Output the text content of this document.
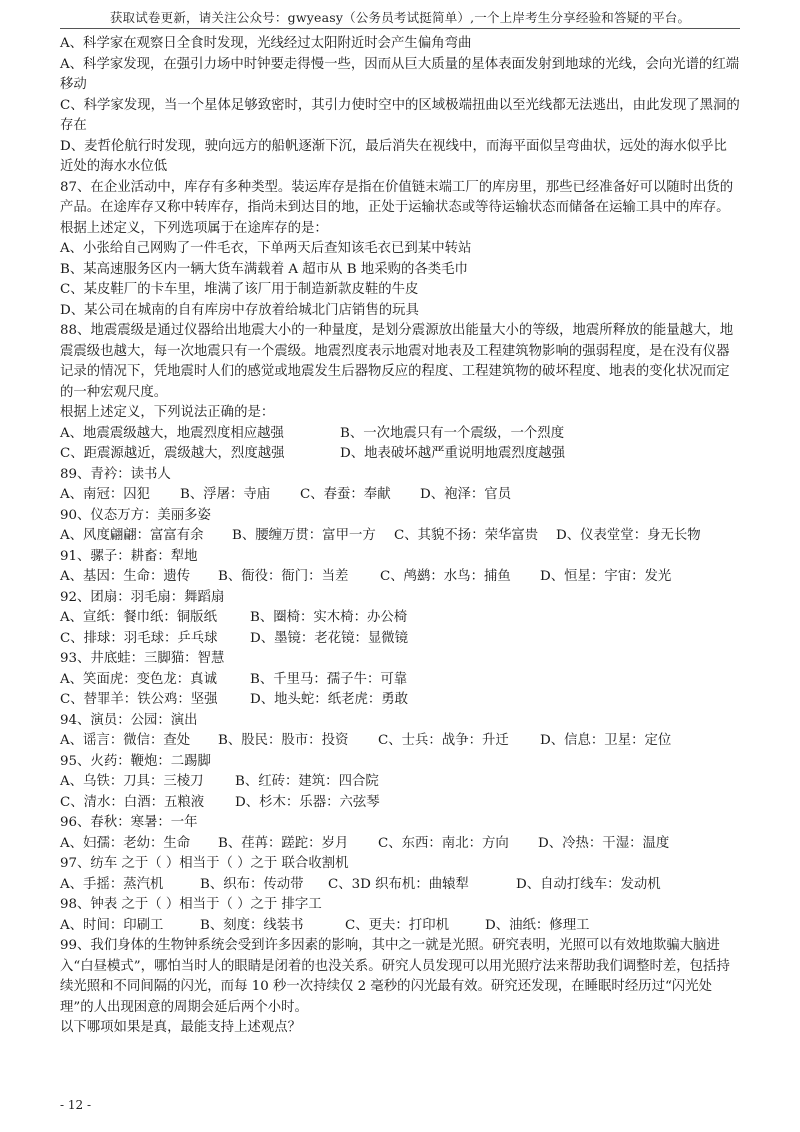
获取试卷更新，请关注公众号：gwyeasy（公务员考试挺简单）,一个上岸考生分享经验和答疑的平台。
A、科学家在观察日全食时发现，光线经过太阳附近时会产生偏角弯曲
A、科学家发现，在强引力场中时钟要走得慢一些，因而从巨大质量的星体表面发射到地球的光线，会向光谱的红端移动
C、科学家发现，当一个星体足够致密时，其引力使时空中的区域极端扭曲以至光线都无法逃出，由此发现了黑洞的存在
D、麦哲伦航行时发现，驶向远方的船帆逐渐下沉，最后消失在视线中，而海平面似呈弯曲状，远处的海水似乎比近处的海水水位低
87、在企业活动中，库存有多种类型。装运库存是指在价值链末端工厂的库房里，那些已经准备好可以随时出货的产品。在途库存又称中转库存，指尚未到达目的地，正处于运输状态或等待运输状态而储备在运输工具中的库存。
根据上述定义，下列选项属于在途库存的是：
A、小张给自己网购了一件毛衣，下单两天后查知该毛衣已到某中转站
B、某高速服务区内一辆大货车满载着 A 超市从 B 地采购的各类毛巾
C、某皮鞋厂的卡车里，堆满了该厂用于制造新款皮鞋的牛皮
D、某公司在城南的自有库房中存放着给城北门店销售的玩具
88、地震震级是通过仪器给出地震大小的一种量度，是划分震源放出能量大小的等级，地震所释放的能量越大，地震震级也越大，每一次地震只有一个震级。地震烈度表示地震对地表及工程建筑物影响的强弱程度，是在没有仪器记录的情况下，凭地震时人们的感觉或地震发生后器物反应的程度、工程建筑物的破坏程度、地表的变化状况而定的一种宏观尺度。
根据上述定义，下列说法正确的是：
A、地震震级越大，地震烈度相应越强	B、一次地震只有一个震级，一个烈度
C、距震源越近，震级越大，烈度越强	D、地表破坏越严重说明地震烈度越强
89、青衿：读书人
A、南冠：囚犯	B、浮屠：寺庙	C、春蚕：奉献	D、袍泽：官员
90、仪态万方：美丽多姿
A、风度翩翩：富富有余	B、腰缠万贯：富甲一方	C、其貌不扬：荣华富贵	D、仪表堂堂：身无长物
91、骡子：耕畜：犁地
A、基因：生命：遗传	B、衙役：衙门：当差	C、鸬鹚：水鸟：捕鱼	D、恒星：宇宙：发光
92、团扇：羽毛扇：舞蹈扇
A、宣纸：餐巾纸：铜版纸	B、圈椅：实木椅：办公椅
C、排球：羽毛球：乒乓球	D、墨镜：老花镜：显微镜
93、井底蛙：三脚猫：智慧
A、笑面虎：变色龙：真诚	B、千里马：孺子牛：可靠
C、替罪羊：铁公鸡：坚强	D、地头蛇：纸老虎：勇敢
94、演员：公园：演出
A、谣言：微信：查处	B、股民：股市：投资	C、士兵：战争：升迁	D、信息：卫星：定位
95、火药：鞭炮：二踢脚
A、乌铁：刀具：三棱刀	B、红砖：建筑：四合院
C、清水：白酒：五粮液	D、杉木：乐器：六弦琴
96、春秋：寒暑：一年
A、妇孺：老幼：生命	B、荏苒：蹉跎：岁月	C、东西：南北：方向	D、冷热：干湿：温度
97、纺车 之于（ ）相当于（ ）之于 联合收割机
A、手摇：蒸汽机	B、织布：传动带	C、3D 织布机：曲辕犁	D、自动打线车：发动机
98、钟表 之于（ ）相当于（ ）之于 排字工
A、时间：印刷工	B、刻度：线装书	C、更夫：打印机	D、油纸：修理工
99、我们身体的生物钟系统会受到许多因素的影响，其中之一就是光照。研究表明，光照可以有效地欺骗大脑进入“白昼模式”，哪怕当时人的眼睛是闭着的也没关系。研究人员发现可以用光照疗法来帮助我们调整时差，包括持续光照和不同间隔的闪光，而每 10 秒一次持续仅 2 毫秒的闪光最有效。研究还发现，在睡眠时经历过“闪光处理”的人出现困意的周期会延后两个小时。
以下哪项如果是真，最能支持上述观点？
- 12 -
